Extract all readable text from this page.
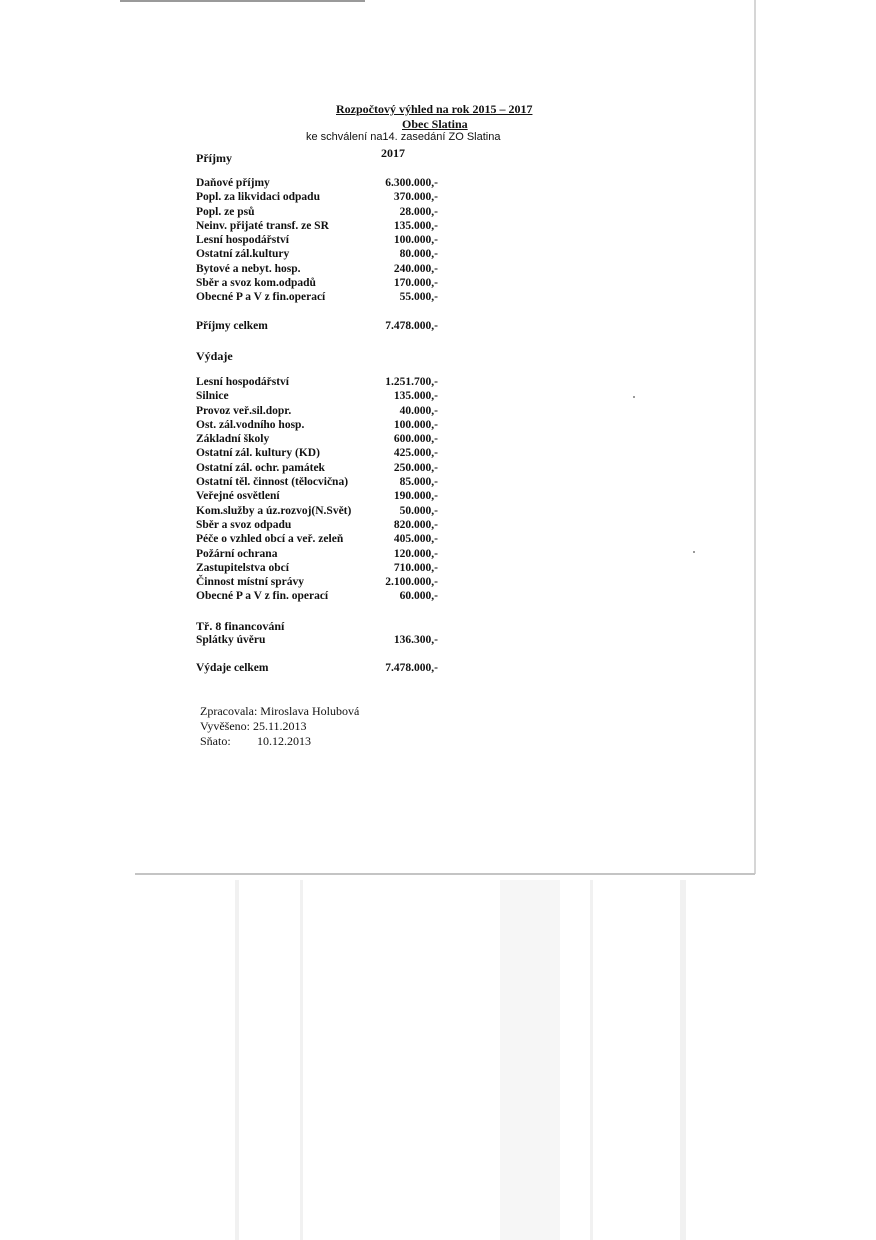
Rozpočtový výhled na rok 2015 – 2017
Obec Slatina
ke schválení na14. zasedání ZO Slatina
Příjmy	2017
Daňové příjmy	6.300.000,-
Popl. za likvidaci odpadu	370.000,-
Popl. ze psů	28.000,-
Neinv. přijaté transf. ze SR	135.000,-
Lesní hospodářství	100.000,-
Ostatní zál.kultury	80.000,-
Bytové a nebyt. hosp.	240.000,-
Sběr a svoz kom.odpadů	170.000,-
Obecné P a V z fin.operací	55.000,-
Příjmy celkem	7.478.000,-
Výdaje
Lesní hospodářství	1.251.700,-
Silnice	135.000,-
Provoz veř.sil.dopr.	40.000,-
Ost. zál.vodního hosp.	100.000,-
Základní školy	600.000,-
Ostatní zál. kultury (KD)	425.000,-
Ostatní zál. ochr. památek	250.000,-
Ostatní těl. činnost (tělocvična)	85.000,-
Veřejné osvětlení	190.000,-
Kom.služby a úz.rozvoj(N.Svět)	50.000,-
Sběr a svoz odpadu	820.000,-
Péče o vzhled obcí a veř. zeleň	405.000,-
Požární ochrana	120.000,-
Zastupitelstva obcí	710.000,-
Činnost místní správy	2.100.000,-
Obecné P a V z fin. operací	60.000,-
Tř. 8 financování
Splátky úvěru	136.300,-
Výdaje celkem	7.478.000,-
Zpracovala: Miroslava Holubová
Vyvěšeno: 25.11.2013
Sňato: 10.12.2013
